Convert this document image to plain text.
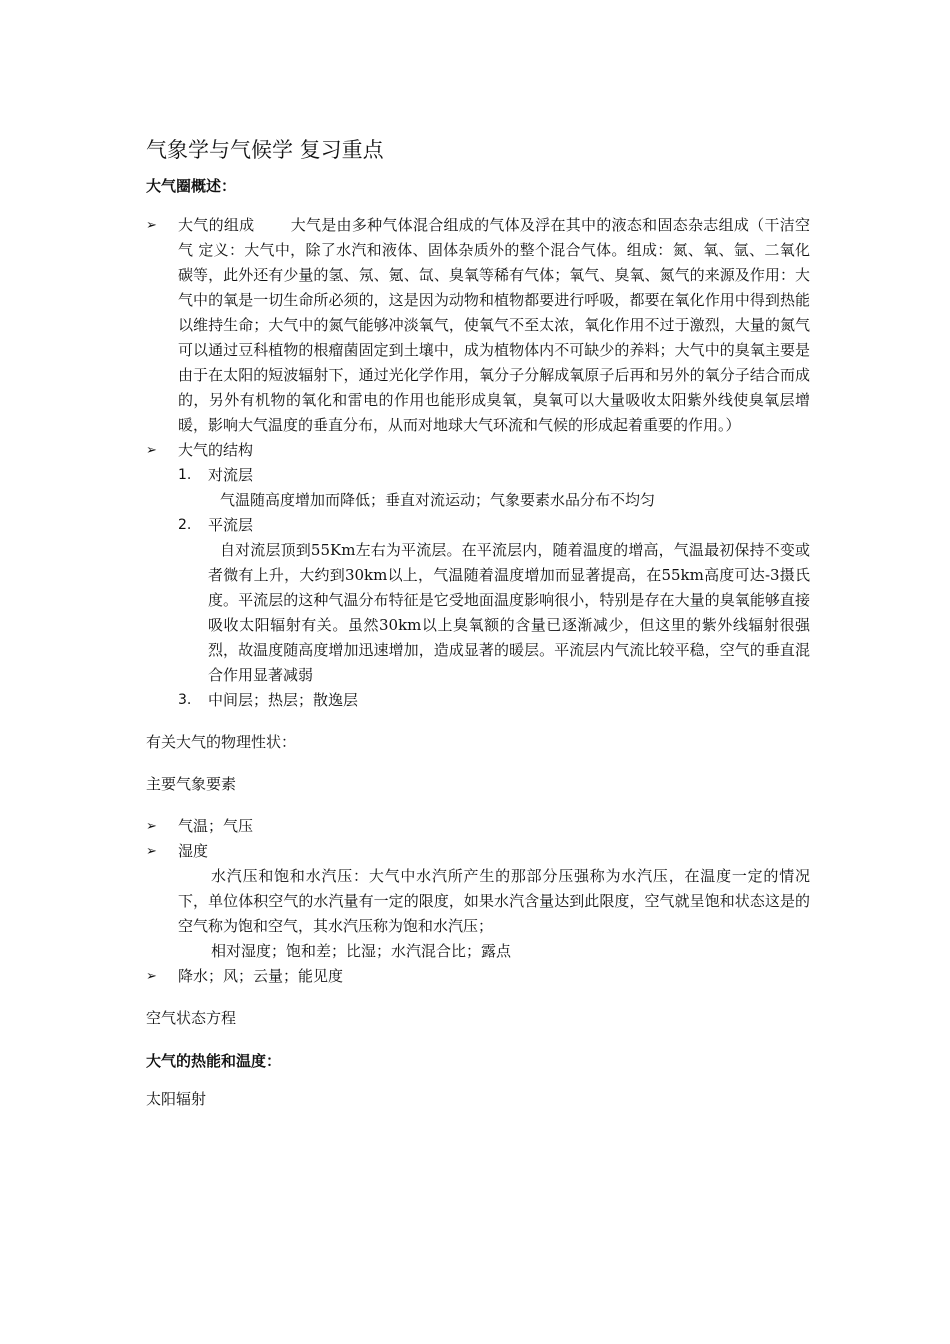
气象学与气候学 复习重点
大气圈概述：
➢	大气的组成 大气是由多种气体混合组成的气体及浮在其中的液态和固态杂志组成（干洁空气 定义：大气中，除了水汽和液体、固体杂质外的整个混合气体。组成：氮、氧、氩、二氧化碳等，此外还有少量的氢、氖、氪、氙、臭氧等稀有气体；氧气、臭氧、氮气的来源及作用：大气中的氧是一切生命所必须的，这是因为动物和植物都要进行呼吸，都要在氧化作用中得到热能以维持生命；大气中的氮气能够冲淡氧气，使氧气不至太浓，氧化作用不过于激烈，大量的氮气可以通过豆科植物的根瘤菌固定到土壤中，成为植物体内不可缺少的养料；大气中的臭氧主要是由于在太阳的短波辐射下，通过光化学作用，氧分子分解成氧原子后再和另外的氧分子结合而成的，另外有机物的氧化和雷电的作用也能形成臭氧，臭氧可以大量吸收太阳紫外线使臭氧层增暖，影响大气温度的垂直分布，从而对地球大气环流和气候的形成起着重要的作用。）
➢	大气的结构
1. 对流层
气温随高度增加而降低；垂直对流运动；气象要素水品分布不均匀
2. 平流层
自对流层顶到55Km左右为平流层。在平流层内，随着温度的增高，气温最初保持不变或者微有上升，大约到30km以上，气温随着温度增加而显著提高，在55km高度可达-3摄氏度。平流层的这种气温分布特征是它受地面温度影响很小，特别是存在大量的臭氧能够直接吸收太阳辐射有关。虽然30km以上臭氧额的含量已逐渐减少，但这里的紫外线辐射很强烈，故温度随高度增加迅速增加，造成显著的暖层。平流层内气流比较平稳，空气的垂直混合作用显著减弱
3. 中间层；热层；散逸层
有关大气的物理性状：
主要气象要素
➢	气温；气压
➢	湿度
水汽压和饱和水汽压：大气中水汽所产生的那部分压强称为水汽压，在温度一定的情况下，单位体积空气的水汽量有一定的限度，如果水汽含量达到此限度，空气就呈饱和状态这是的空气称为饱和空气，其水汽压称为饱和水汽压；
相对湿度；饱和差；比湿；水汽混合比；露点
➢	降水；风；云量；能见度
空气状态方程
大气的热能和温度：
太阳辐射
